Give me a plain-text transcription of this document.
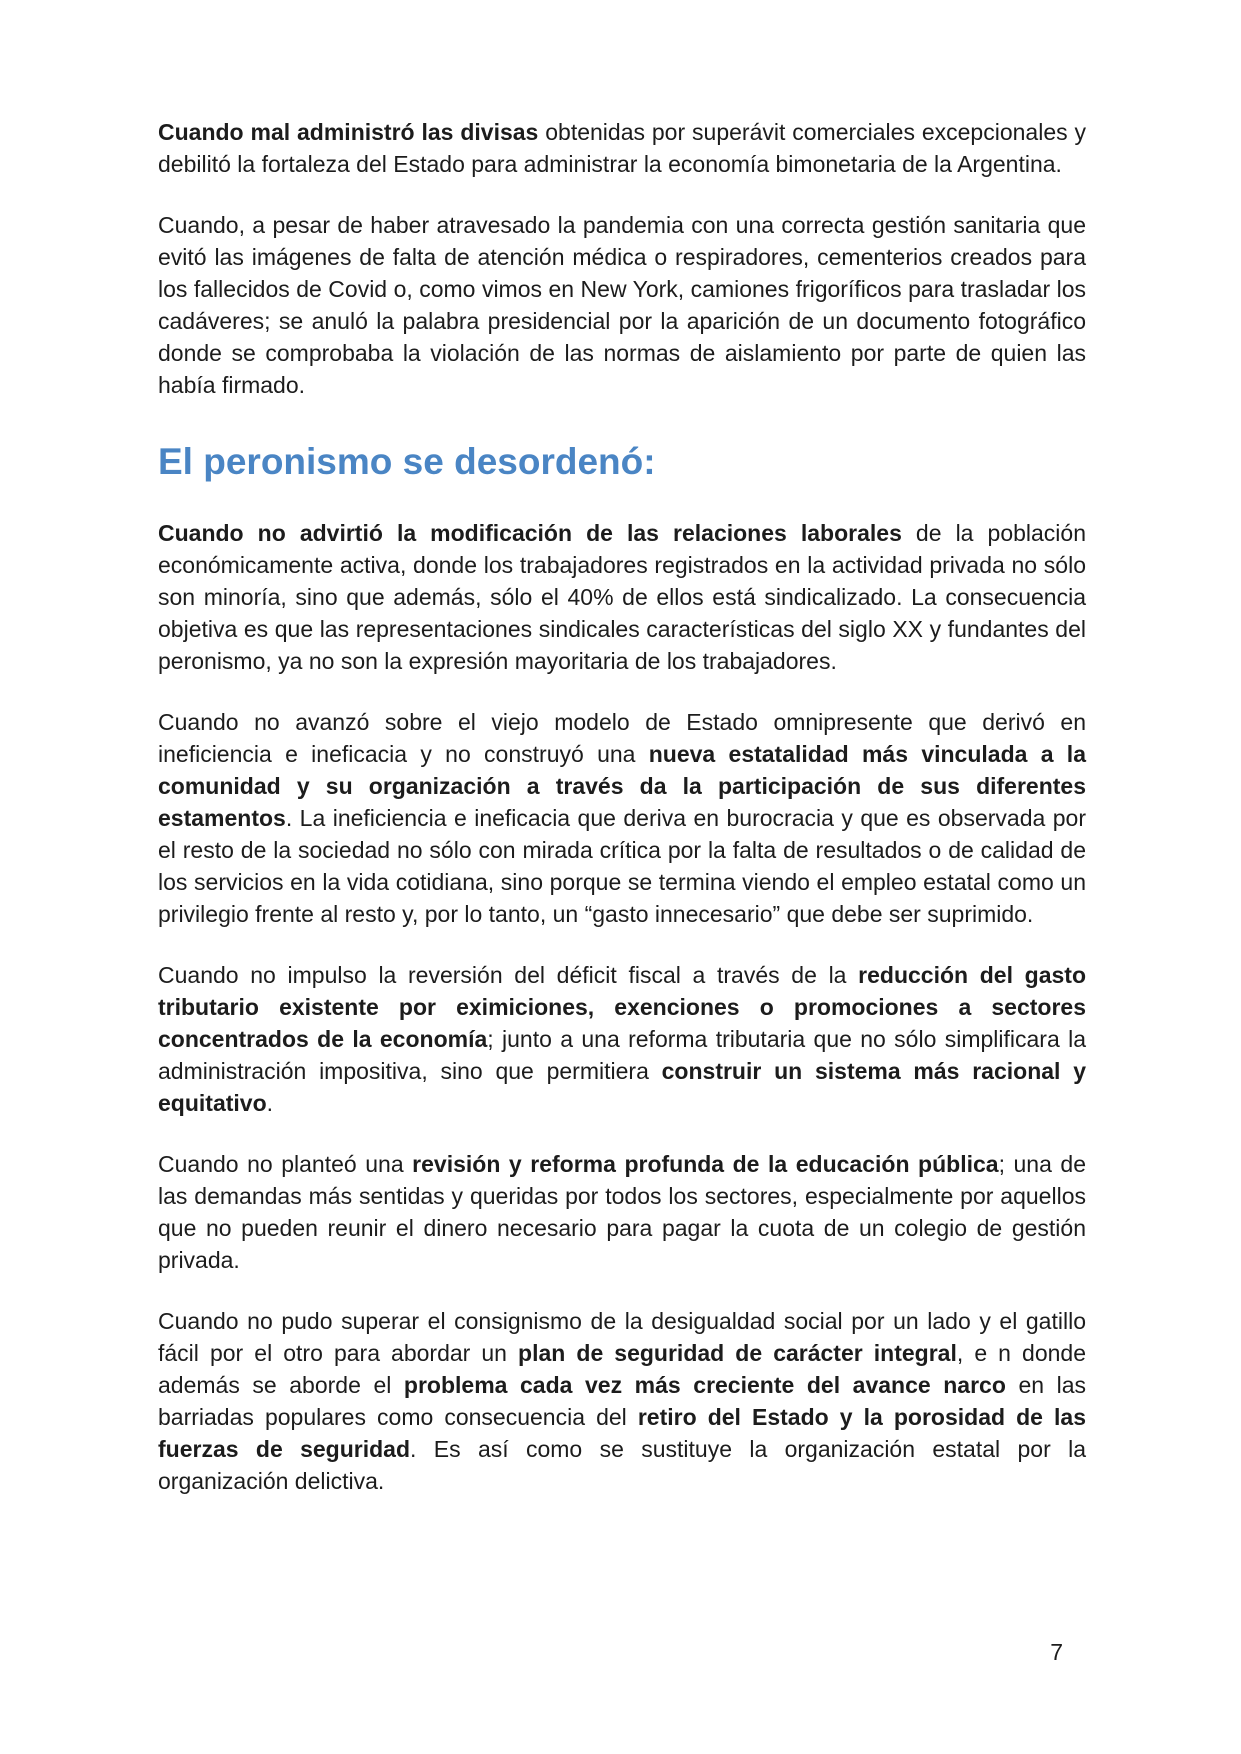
Cuando mal administró las divisas obtenidas por superávit comerciales excepcionales y debilitó la fortaleza del Estado para administrar la economía bimonetaria de la Argentina.

Cuando, a pesar de haber atravesado la pandemia con una correcta gestión sanitaria que evitó las imágenes de falta de atención médica o respiradores, cementerios creados para los fallecidos de Covid o, como vimos en New York, camiones frigoríficos para trasladar los cadáveres; se anuló la palabra presidencial por la aparición de un documento fotográfico donde se comprobaba la violación de las normas de aislamiento por parte de quien las había firmado.

El peronismo se desordenó:

Cuando no advirtió la modificación de las relaciones laborales de la población económicamente activa, donde los trabajadores registrados en la actividad privada no sólo son minoría, sino que además, sólo el 40% de ellos está sindicalizado. La consecuencia objetiva es que las representaciones sindicales características del siglo XX y fundantes del peronismo, ya no son la expresión mayoritaria de los trabajadores.

Cuando no avanzó sobre el viejo modelo de Estado omnipresente que derivó en ineficiencia e ineficacia y no construyó una nueva estatalidad más vinculada a la comunidad y su organización a través da la participación de sus diferentes estamentos. La ineficiencia e ineficacia que deriva en burocracia y que es observada por el resto de la sociedad no sólo con mirada crítica por la falta de resultados o de calidad de los servicios en la vida cotidiana, sino porque se termina viendo el empleo estatal como un privilegio frente al resto y, por lo tanto, un “gasto innecesario” que debe ser suprimido.

Cuando no impulso la reversión del déficit fiscal a través de la reducción del gasto tributario existente por eximiciones, exenciones o promociones a sectores concentrados de la economía; junto a una reforma tributaria que no sólo simplificara la administración impositiva, sino que permitiera construir un sistema más racional y equitativo.

Cuando no planteó una revisión y reforma profunda de la educación pública; una de las demandas más sentidas y queridas por todos los sectores, especialmente por aquellos que no pueden reunir el dinero necesario para pagar la cuota de un colegio de gestión privada.

Cuando no pudo superar el consignismo de la desigualdad social por un lado y el gatillo fácil por el otro para abordar un plan de seguridad de carácter integral, e n donde además se aborde el problema cada vez más creciente del avance narco en las barriadas populares como consecuencia del retiro del Estado y la porosidad de las fuerzas de seguridad. Es así como se sustituye la organización estatal por la organización delictiva.

7
